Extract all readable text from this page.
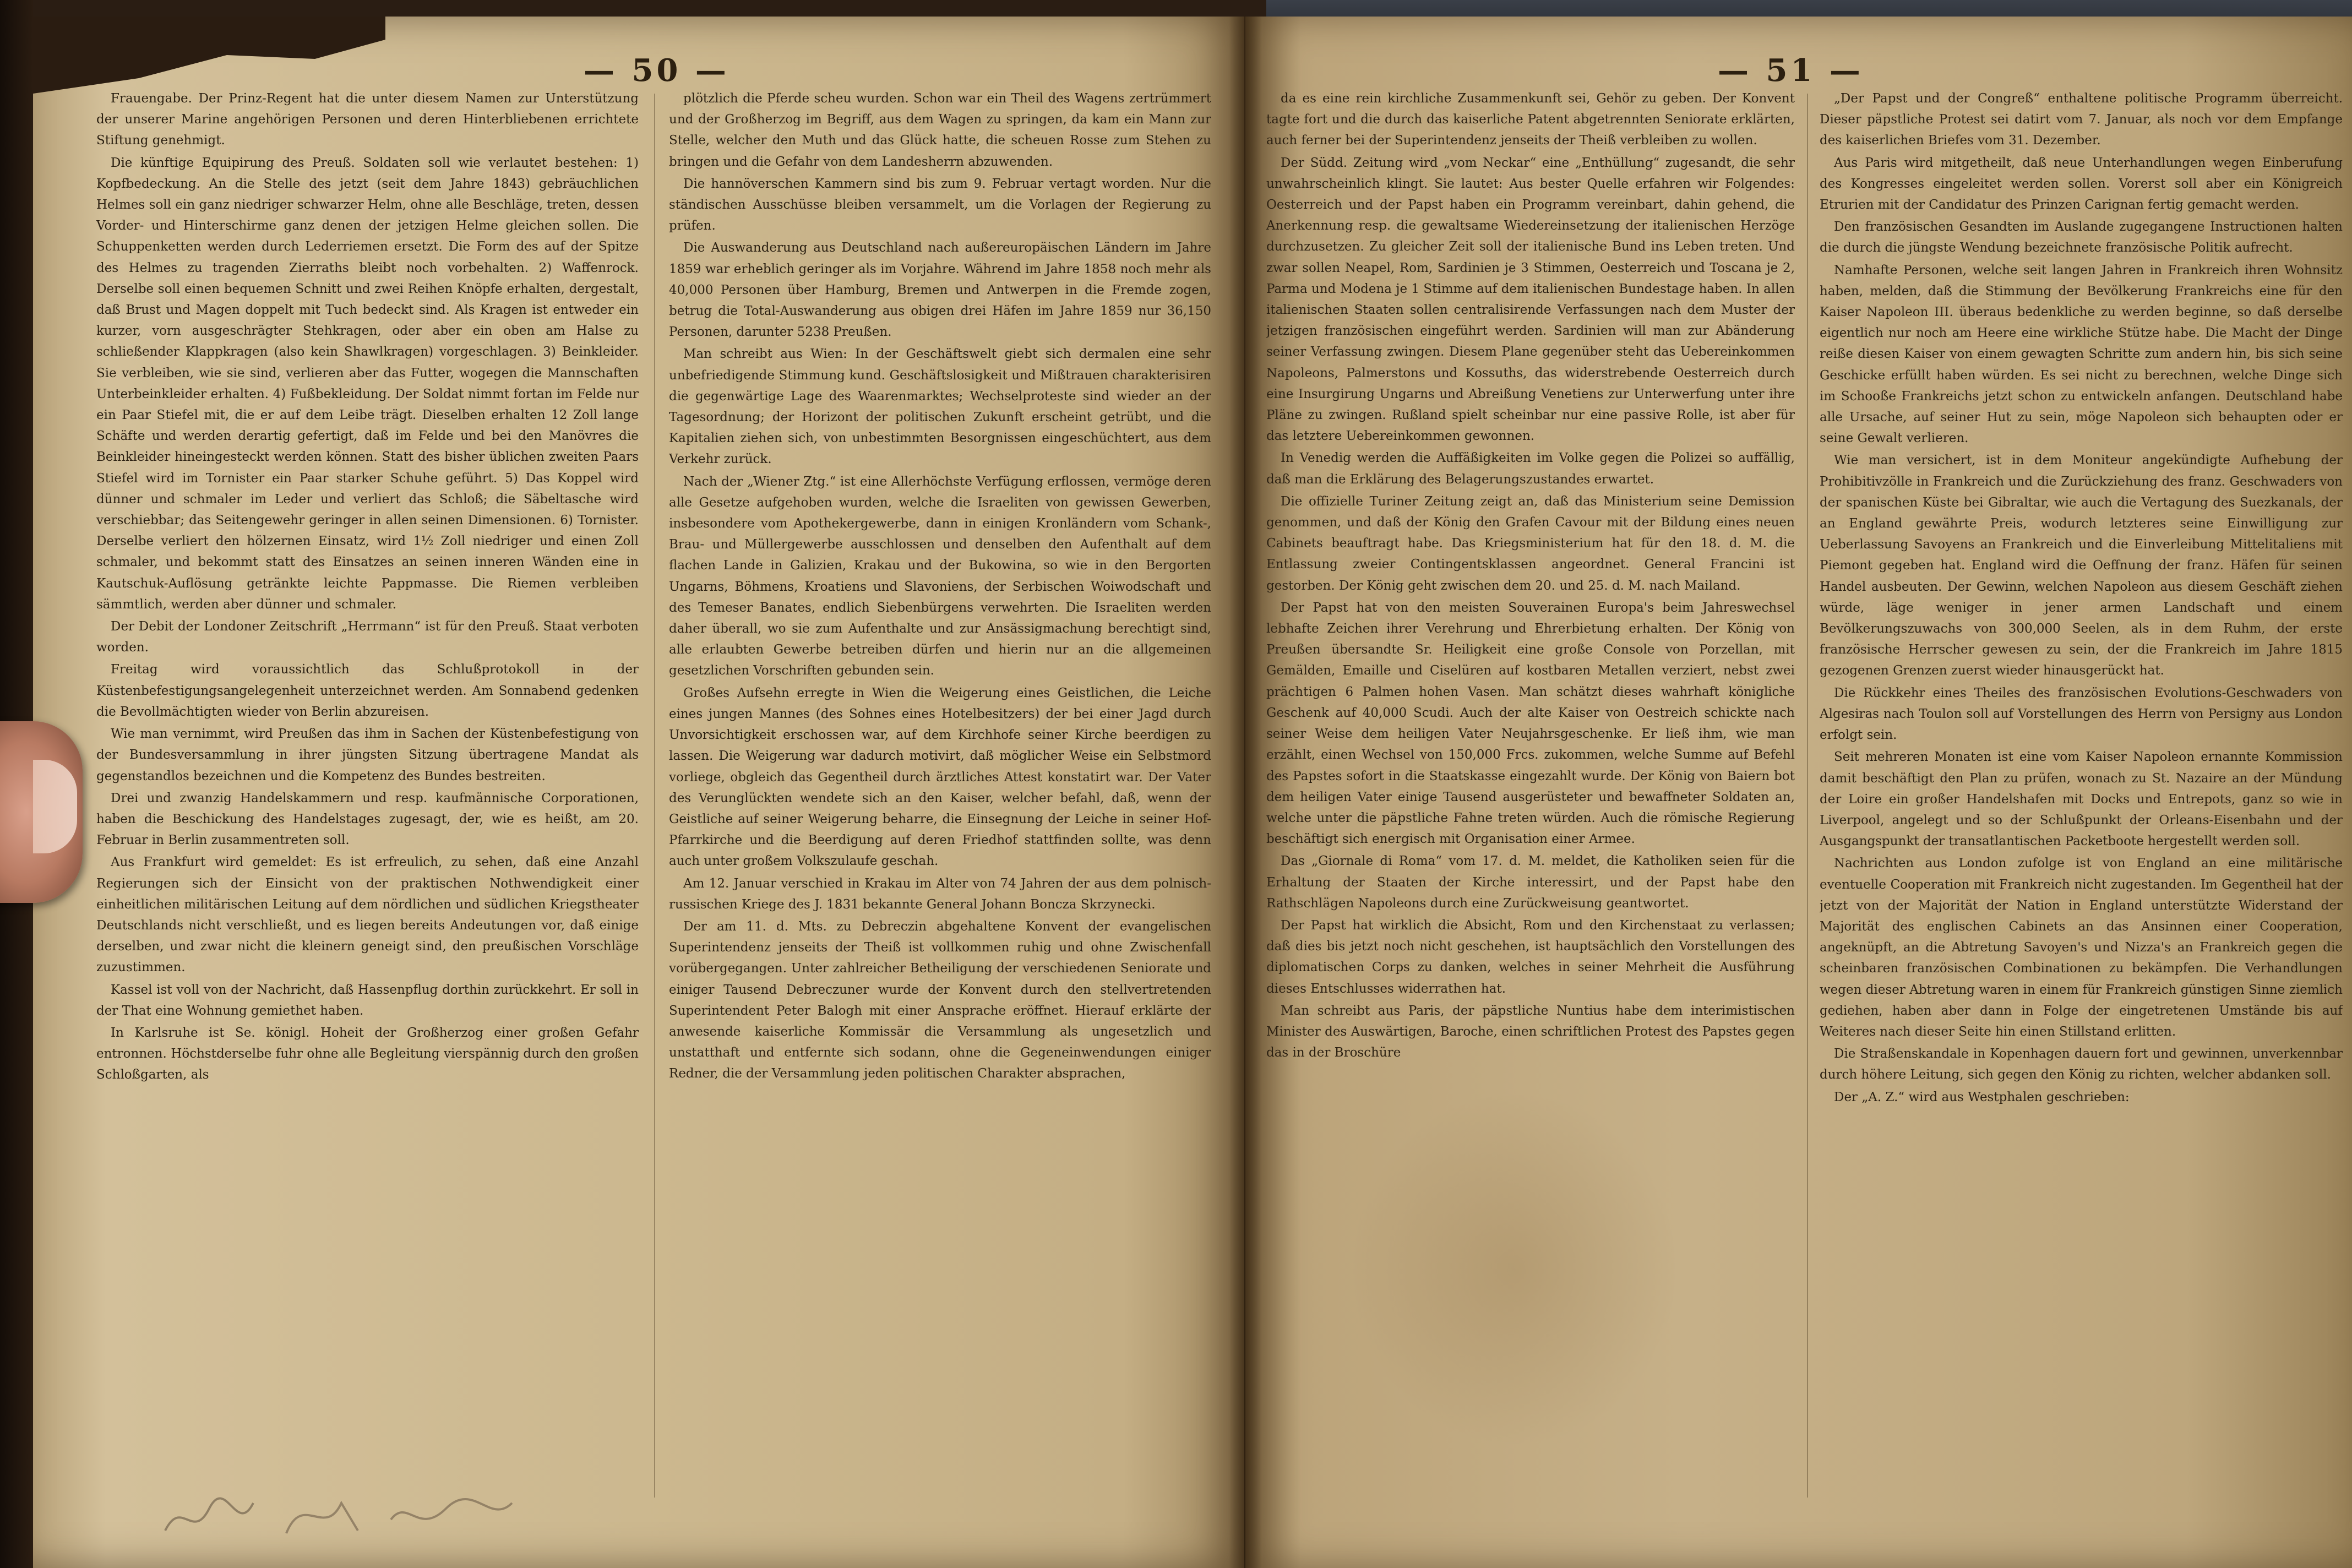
— 50 —	— 51 —

Frauengabe. Der Prinz-Regent hat die unter diesem Namen zur Unterstützung der unserer Marine angehörigen Personen und deren Hinterbliebenen errichtete Stiftung genehmigt.

Die künftige Equipirung des Preuß. Soldaten soll wie verlautet bestehen: 1) Kopfbedeckung. An die Stelle des jetzt (seit dem Jahre 1843) gebräuchlichen Helmes soll ein ganz niedriger schwarzer Helm, ohne alle Beschläge, treten, dessen Vorder- und Hinterschirme ganz denen der jetzigen Helme gleichen sollen. Die Schuppenketten werden durch Lederriemen ersetzt. Die Form des auf der Spitze des Helmes zu tragenden Zierraths bleibt noch vorbehalten. 2) Waffenrock. Derselbe soll einen bequemen Schnitt und zwei Reihen Knöpfe erhalten, dergestalt, daß Brust und Magen doppelt mit Tuch bedeckt sind. Als Kragen ist entweder ein kurzer, vorn ausgeschrägter Stehkragen, oder aber ein oben am Halse zu schließender Klappkragen (also kein Shawlkragen) vorgeschlagen. 3) Beinkleider. Sie verbleiben, wie sie sind, verlieren aber das Futter, wogegen die Mannschaften Unterbeinkleider erhalten. 4) Fußbekleidung. Der Soldat nimmt fortan im Felde nur ein Paar Stiefel mit, die er auf dem Leibe trägt. Dieselben erhalten 12 Zoll lange Schäfte und werden derartig gefertigt, daß im Felde und bei den Manövres die Beinkleider hineingesteckt werden können. Statt des bisher üblichen zweiten Paars Stiefel wird im Tornister ein Paar starker Schuhe geführt. 5) Das Koppel wird dünner und schmaler im Leder und verliert das Schloß; die Säbeltasche wird verschiebbar; das Seitengewehr geringer in allen seinen Dimensionen. 6) Tornister. Derselbe verliert den hölzernen Einsatz, wird 1½ Zoll niedriger und einen Zoll schmaler, und bekommt statt des Einsatzes an seinen inneren Wänden eine in Kautschuk-Auflösung getränkte leichte Pappmasse. Die Riemen verbleiben sämmtlich, werden aber dünner und schmaler.

Der Debit der Londoner Zeitschrift „Herrmann“ ist für den Preuß. Staat verboten worden.

Freitag wird voraussichtlich das Schlußprotokoll in der Küstenbefestigungsangelegenheit unterzeichnet werden. Am Sonnabend gedenken die Bevollmächtigten wieder von Berlin abzureisen.

Wie man vernimmt, wird Preußen das ihm in Sachen der Küstenbefestigung von der Bundesversammlung in ihrer jüngsten Sitzung übertragene Mandat als gegenstandlos bezeichnen und die Kompetenz des Bundes bestreiten.

Drei und zwanzig Handelskammern und resp. kaufmännische Corporationen, haben die Beschickung des Handelstages zugesagt, der, wie es heißt, am 20. Februar in Berlin zusammentreten soll.

Aus Frankfurt wird gemeldet: Es ist erfreulich, zu sehen, daß eine Anzahl Regierungen sich der Einsicht von der praktischen Nothwendigkeit einer einheitlichen militärischen Leitung auf dem nördlichen und südlichen Kriegstheater Deutschlands nicht verschließt, und es liegen bereits Andeutungen vor, daß einige derselben, und zwar nicht die kleinern geneigt sind, den preußischen Vorschläge zuzustimmen.

Kassel ist voll von der Nachricht, daß Hassenpflug dorthin zurückkehrt. Er soll in der That eine Wohnung gemiethet haben.

In Karlsruhe ist Se. königl. Hoheit der Großherzog einer großen Gefahr entronnen. Höchstderselbe fuhr ohne alle Begleitung vierspännig durch den großen Schloßgarten, als

plötzlich die Pferde scheu wurden. Schon war ein Theil des Wagens zertrümmert und der Großherzog im Begriff, aus dem Wagen zu springen, da kam ein Mann zur Stelle, welcher den Muth und das Glück hatte, die scheuen Rosse zum Stehen zu bringen und die Gefahr von dem Landesherrn abzuwenden.

Die hannöverschen Kammern sind bis zum 9. Februar vertagt worden. Nur die ständischen Ausschüsse bleiben versammelt, um die Vorlagen der Regierung zu prüfen.

Die Auswanderung aus Deutschland nach außereuropäischen Ländern im Jahre 1859 war erheblich geringer als im Vorjahre. Während im Jahre 1858 noch mehr als 40,000 Personen über Hamburg, Bremen und Antwerpen in die Fremde zogen, betrug die Total-Auswanderung aus obigen drei Häfen im Jahre 1859 nur 36,150 Personen, darunter 5238 Preußen.

Man schreibt aus Wien: In der Geschäftswelt giebt sich dermalen eine sehr unbefriedigende Stimmung kund. Geschäftslosigkeit und Mißtrauen charakterisiren die gegenwärtige Lage des Waarenmarktes; Wechselproteste sind wieder an der Tagesordnung; der Horizont der politischen Zukunft erscheint getrübt, und die Kapitalien ziehen sich, von unbestimmten Besorgnissen eingeschüchtert, aus dem Verkehr zurück.

Nach der „Wiener Ztg.“ ist eine Allerhöchste Verfügung erflossen, vermöge deren alle Gesetze aufgehoben wurden, welche die Israeliten von gewissen Gewerben, insbesondere vom Apothekergewerbe, dann in einigen Kronländern vom Schank-, Brau- und Müllergewerbe ausschlossen und denselben den Aufenthalt auf dem flachen Lande in Galizien, Krakau und der Bukowina, so wie in den Bergorten Ungarns, Böhmens, Kroatiens und Slavoniens, der Serbischen Woiwodschaft und des Temeser Banates, endlich Siebenbürgens verwehrten. Die Israeliten werden daher überall, wo sie zum Aufenthalte und zur Ansässigmachung berechtigt sind, alle erlaubten Gewerbe betreiben dürfen und hierin nur an die allgemeinen gesetzlichen Vorschriften gebunden sein.

Großes Aufsehn erregte in Wien die Weigerung eines Geistlichen, die Leiche eines jungen Mannes (des Sohnes eines Hotelbesitzers) der bei einer Jagd durch Unvorsichtigkeit erschossen war, auf dem Kirchhofe seiner Kirche beerdigen zu lassen. Die Weigerung war dadurch motivirt, daß möglicher Weise ein Selbstmord vorliege, obgleich das Gegentheil durch ärztliches Attest konstatirt war. Der Vater des Verunglückten wendete sich an den Kaiser, welcher befahl, daß, wenn der Geistliche auf seiner Weigerung beharre, die Einsegnung der Leiche in seiner Hof-Pfarrkirche und die Beerdigung auf deren Friedhof stattfinden sollte, was denn auch unter großem Volkszulaufe geschah.

Am 12. Januar verschied in Krakau im Alter von 74 Jahren der aus dem polnisch-russischen Kriege des J. 1831 bekannte General Johann Boncza Skrzynecki.

Der am 11. d. Mts. zu Debreczin abgehaltene Konvent der evangelischen Superintendenz jenseits der Theiß ist vollkommen ruhig und ohne Zwischenfall vorübergegangen. Unter zahlreicher Betheiligung der verschiedenen Seniorate und einiger Tausend Debreczuner wurde der Konvent durch den stellvertretenden Superintendent Peter Balogh mit einer Ansprache eröffnet. Hierauf erklärte der anwesende kaiserliche Kommissär die Versammlung als ungesetzlich und unstatthaft und entfernte sich sodann, ohne die Gegeneinwendungen einiger Redner, die der Versammlung jeden politischen Charakter absprachen,

da es eine rein kirchliche Zusammenkunft sei, Gehör zu geben. Der Konvent tagte fort und die durch das kaiserliche Patent abgetrennten Seniorate erklärten, auch ferner bei der Superintendenz jenseits der Theiß verbleiben zu wollen.

Der Südd. Zeitung wird „vom Neckar“ eine „Enthüllung“ zugesandt, die sehr unwahrscheinlich klingt. Sie lautet: Aus bester Quelle erfahren wir Folgendes: Oesterreich und der Papst haben ein Programm vereinbart, dahin gehend, die Anerkennung resp. die gewaltsame Wiedereinsetzung der italienischen Herzöge durchzusetzen. Zu gleicher Zeit soll der italienische Bund ins Leben treten. Und zwar sollen Neapel, Rom, Sardinien je 3 Stimmen, Oesterreich und Toscana je 2, Parma und Modena je 1 Stimme auf dem italienischen Bundestage haben. In allen italienischen Staaten sollen centralisirende Verfassungen nach dem Muster der jetzigen französischen eingeführt werden. Sardinien will man zur Abänderung seiner Verfassung zwingen. Diesem Plane gegenüber steht das Uebereinkommen Napoleons, Palmerstons und Kossuths, das widerstrebende Oesterreich durch eine Insurgirung Ungarns und Abreißung Venetiens zur Unterwerfung unter ihre Pläne zu zwingen. Rußland spielt scheinbar nur eine passive Rolle, ist aber für das letztere Uebereinkommen gewonnen.

In Venedig werden die Auffäßigkeiten im Volke gegen die Polizei so auffällig, daß man die Erklärung des Belagerungszustandes erwartet.

Die offizielle Turiner Zeitung zeigt an, daß das Ministerium seine Demission genommen, und daß der König den Grafen Cavour mit der Bildung eines neuen Cabinets beauftragt habe. Das Kriegsministerium hat für den 18. d. M. die Entlassung zweier Contingentsklassen angeordnet. General Francini ist gestorben. Der König geht zwischen dem 20. und 25. d. M. nach Mailand.

Der Papst hat von den meisten Souverainen Europa's beim Jahreswechsel lebhafte Zeichen ihrer Verehrung und Ehrerbietung erhalten. Der König von Preußen übersandte Sr. Heiligkeit eine große Console von Porzellan, mit Gemälden, Emaille und Ciselüren auf kostbaren Metallen verziert, nebst zwei prächtigen 6 Palmen hohen Vasen. Man schätzt dieses wahrhaft königliche Geschenk auf 40,000 Scudi. Auch der alte Kaiser von Oestreich schickte nach seiner Weise dem heiligen Vater Neujahrsgeschenke. Er ließ ihm, wie man erzählt, einen Wechsel von 150,000 Frcs. zukommen, welche Summe auf Befehl des Papstes sofort in die Staatskasse eingezahlt wurde. Der König von Baiern bot dem heiligen Vater einige Tausend ausgerüsteter und bewaffneter Soldaten an, welche unter die päpstliche Fahne treten würden. Auch die römische Regierung beschäftigt sich energisch mit Organisation einer Armee.

Das „Giornale di Roma“ vom 17. d. M. meldet, die Katholiken seien für die Erhaltung der Staaten der Kirche interessirt, und der Papst habe den Rathschlägen Napoleons durch eine Zurückweisung geantwortet.

Der Papst hat wirklich die Absicht, Rom und den Kirchenstaat zu verlassen; daß dies bis jetzt noch nicht geschehen, ist hauptsächlich den Vorstellungen des diplomatischen Corps zu danken, welches in seiner Mehrheit die Ausführung dieses Entschlusses widerrathen hat.

Man schreibt aus Paris, der päpstliche Nuntius habe dem interimistischen Minister des Auswärtigen, Baroche, einen schriftlichen Protest des Papstes gegen das in der Broschüre

„Der Papst und der Congreß“ enthaltene politische Programm überreicht. Dieser päpstliche Protest sei datirt vom 7. Januar, als noch vor dem Empfange des kaiserlichen Briefes vom 31. Dezember.

Aus Paris wird mitgetheilt, daß neue Unterhandlungen wegen Einberufung des Kongresses eingeleitet werden sollen. Vorerst soll aber ein Königreich Etrurien mit der Candidatur des Prinzen Carignan fertig gemacht werden.

Den französischen Gesandten im Auslande zugegangene Instructionen halten die durch die jüngste Wendung bezeichnete französische Politik aufrecht.

Namhafte Personen, welche seit langen Jahren in Frankreich ihren Wohnsitz haben, melden, daß die Stimmung der Bevölkerung Frankreichs eine für den Kaiser Napoleon III. überaus bedenkliche zu werden beginne, so daß derselbe eigentlich nur noch am Heere eine wirkliche Stütze habe. Die Macht der Dinge reiße diesen Kaiser von einem gewagten Schritte zum andern hin, bis sich seine Geschicke erfüllt haben würden. Es sei nicht zu berechnen, welche Dinge sich im Schooße Frankreichs jetzt schon zu entwickeln anfangen. Deutschland habe alle Ursache, auf seiner Hut zu sein, möge Napoleon sich behaupten oder er seine Gewalt verlieren.

Wie man versichert, ist in dem Moniteur angekündigte Aufhebung der Prohibitivzölle in Frankreich und die Zurückziehung des franz. Geschwaders von der spanischen Küste bei Gibraltar, wie auch die Vertagung des Suezkanals, der an England gewährte Preis, wodurch letzteres seine Einwilligung zur Ueberlassung Savoyens an Frankreich und die Einverleibung Mittelitaliens mit Piemont gegeben hat. England wird die Oeffnung der franz. Häfen für seinen Handel ausbeuten. Der Gewinn, welchen Napoleon aus diesem Geschäft ziehen würde, läge weniger in jener armen Landschaft und einem Bevölkerungszuwachs von 300,000 Seelen, als in dem Ruhm, der erste französische Herrscher gewesen zu sein, der die Frankreich im Jahre 1815 gezogenen Grenzen zuerst wieder hinausgerückt hat.

Die Rückkehr eines Theiles des französischen Evolutions-Geschwaders von Algesiras nach Toulon soll auf Vorstellungen des Herrn von Persigny aus London erfolgt sein.

Seit mehreren Monaten ist eine vom Kaiser Napoleon ernannte Kommission damit beschäftigt den Plan zu prüfen, wonach zu St. Nazaire an der Mündung der Loire ein großer Handelshafen mit Docks und Entrepots, ganz so wie in Liverpool, angelegt und so der Schlußpunkt der Orleans-Eisenbahn und der Ausgangspunkt der transatlantischen Packetboote hergestellt werden soll.

Nachrichten aus London zufolge ist von England an eine militärische eventuelle Cooperation mit Frankreich nicht zugestanden. Im Gegentheil hat der jetzt von der Majorität der Nation in England unterstützte Widerstand der Majorität des englischen Cabinets an das Ansinnen einer Cooperation, angeknüpft, an die Abtretung Savoyen's und Nizza's an Frankreich gegen die scheinbaren französischen Combinationen zu bekämpfen. Die Verhandlungen wegen dieser Abtretung waren in einem für Frankreich günstigen Sinne ziemlich gediehen, haben aber dann in Folge der eingetretenen Umstände bis auf Weiteres nach dieser Seite hin einen Stillstand erlitten.

Die Straßenskandale in Kopenhagen dauern fort und gewinnen, unverkennbar durch höhere Leitung, sich gegen den König zu richten, welcher abdanken soll.

Der „A. Z.“ wird aus Westphalen geschrieben:
